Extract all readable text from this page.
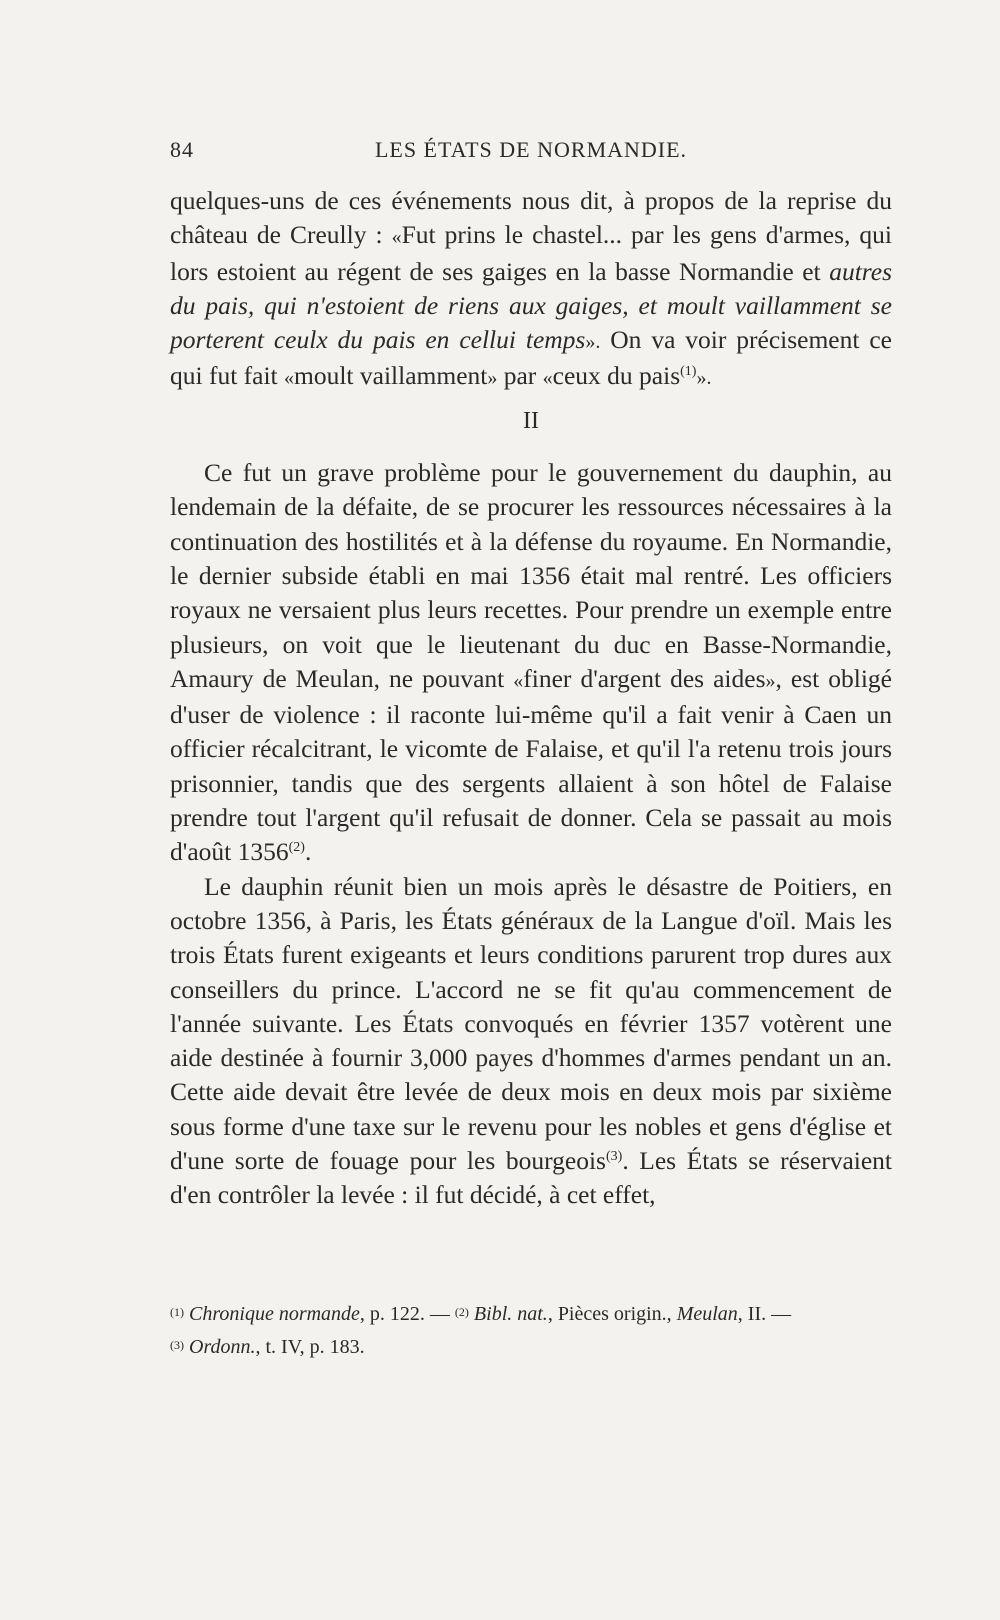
84	LES ÉTATS DE NORMANDIE.

quelques-uns de ces événements nous dit, à propos de la reprise du château de Creully : «Fut prins le chastel... par les gens d'armes, qui lors estoient au régent de ses gaiges en la basse Normandie et autres du pais, qui n'estoient de riens aux gaiges, et moult vaillamment se porterent ceulx du pais en cellui temps». On va voir précisement ce qui fut fait «moult vaillamment» par «ceux du pais$^{(1)}$».

II

Ce fut un grave problème pour le gouvernement du dauphin, au lendemain de la défaite, de se procurer les ressources nécessaires à la continuation des hostilités et à la défense du royaume. En Normandie, le dernier subside établi en mai 1356 était mal rentré. Les officiers royaux ne versaient plus leurs recettes. Pour prendre un exemple entre plusieurs, on voit que le lieutenant du duc en Basse-Normandie, Amaury de Meulan, ne pouvant «finer d'argent des aides», est obligé d'user de violence : il raconte lui-même qu'il a fait venir à Caen un officier récalcitrant, le vicomte de Falaise, et qu'il l'a retenu trois jours prisonnier, tandis que des sergents allaient à son hôtel de Falaise prendre tout l'argent qu'il refusait de donner. Cela se passait au mois d'août 1356$^{(2)}$.

Le dauphin réunit bien un mois après le désastre de Poitiers, en octobre 1356, à Paris, les États généraux de la Langue d'oïl. Mais les trois États furent exigeants et leurs conditions parurent trop dures aux conseillers du prince. L'accord ne se fit qu'au commencement de l'année suivante. Les États convoqués en février 1357 votèrent une aide destinée à fournir 3,000 payes d'hommes d'armes pendant un an. Cette aide devait être levée de deux mois en deux mois par sixième sous forme d'une taxe sur le revenu pour les nobles et gens d'église et d'une sorte de fouage pour les bourgeois$^{(3)}$. Les États se réservaient d'en contrôler la levée : il fut décidé, à cet effet,

$^{(1)}$ Chronique normande, p. 122. — $^{(2)}$ Bibl. nat., Pièces origin., Meulan, II. —
$^{(3)}$ Ordonn., t. IV, p. 183.
